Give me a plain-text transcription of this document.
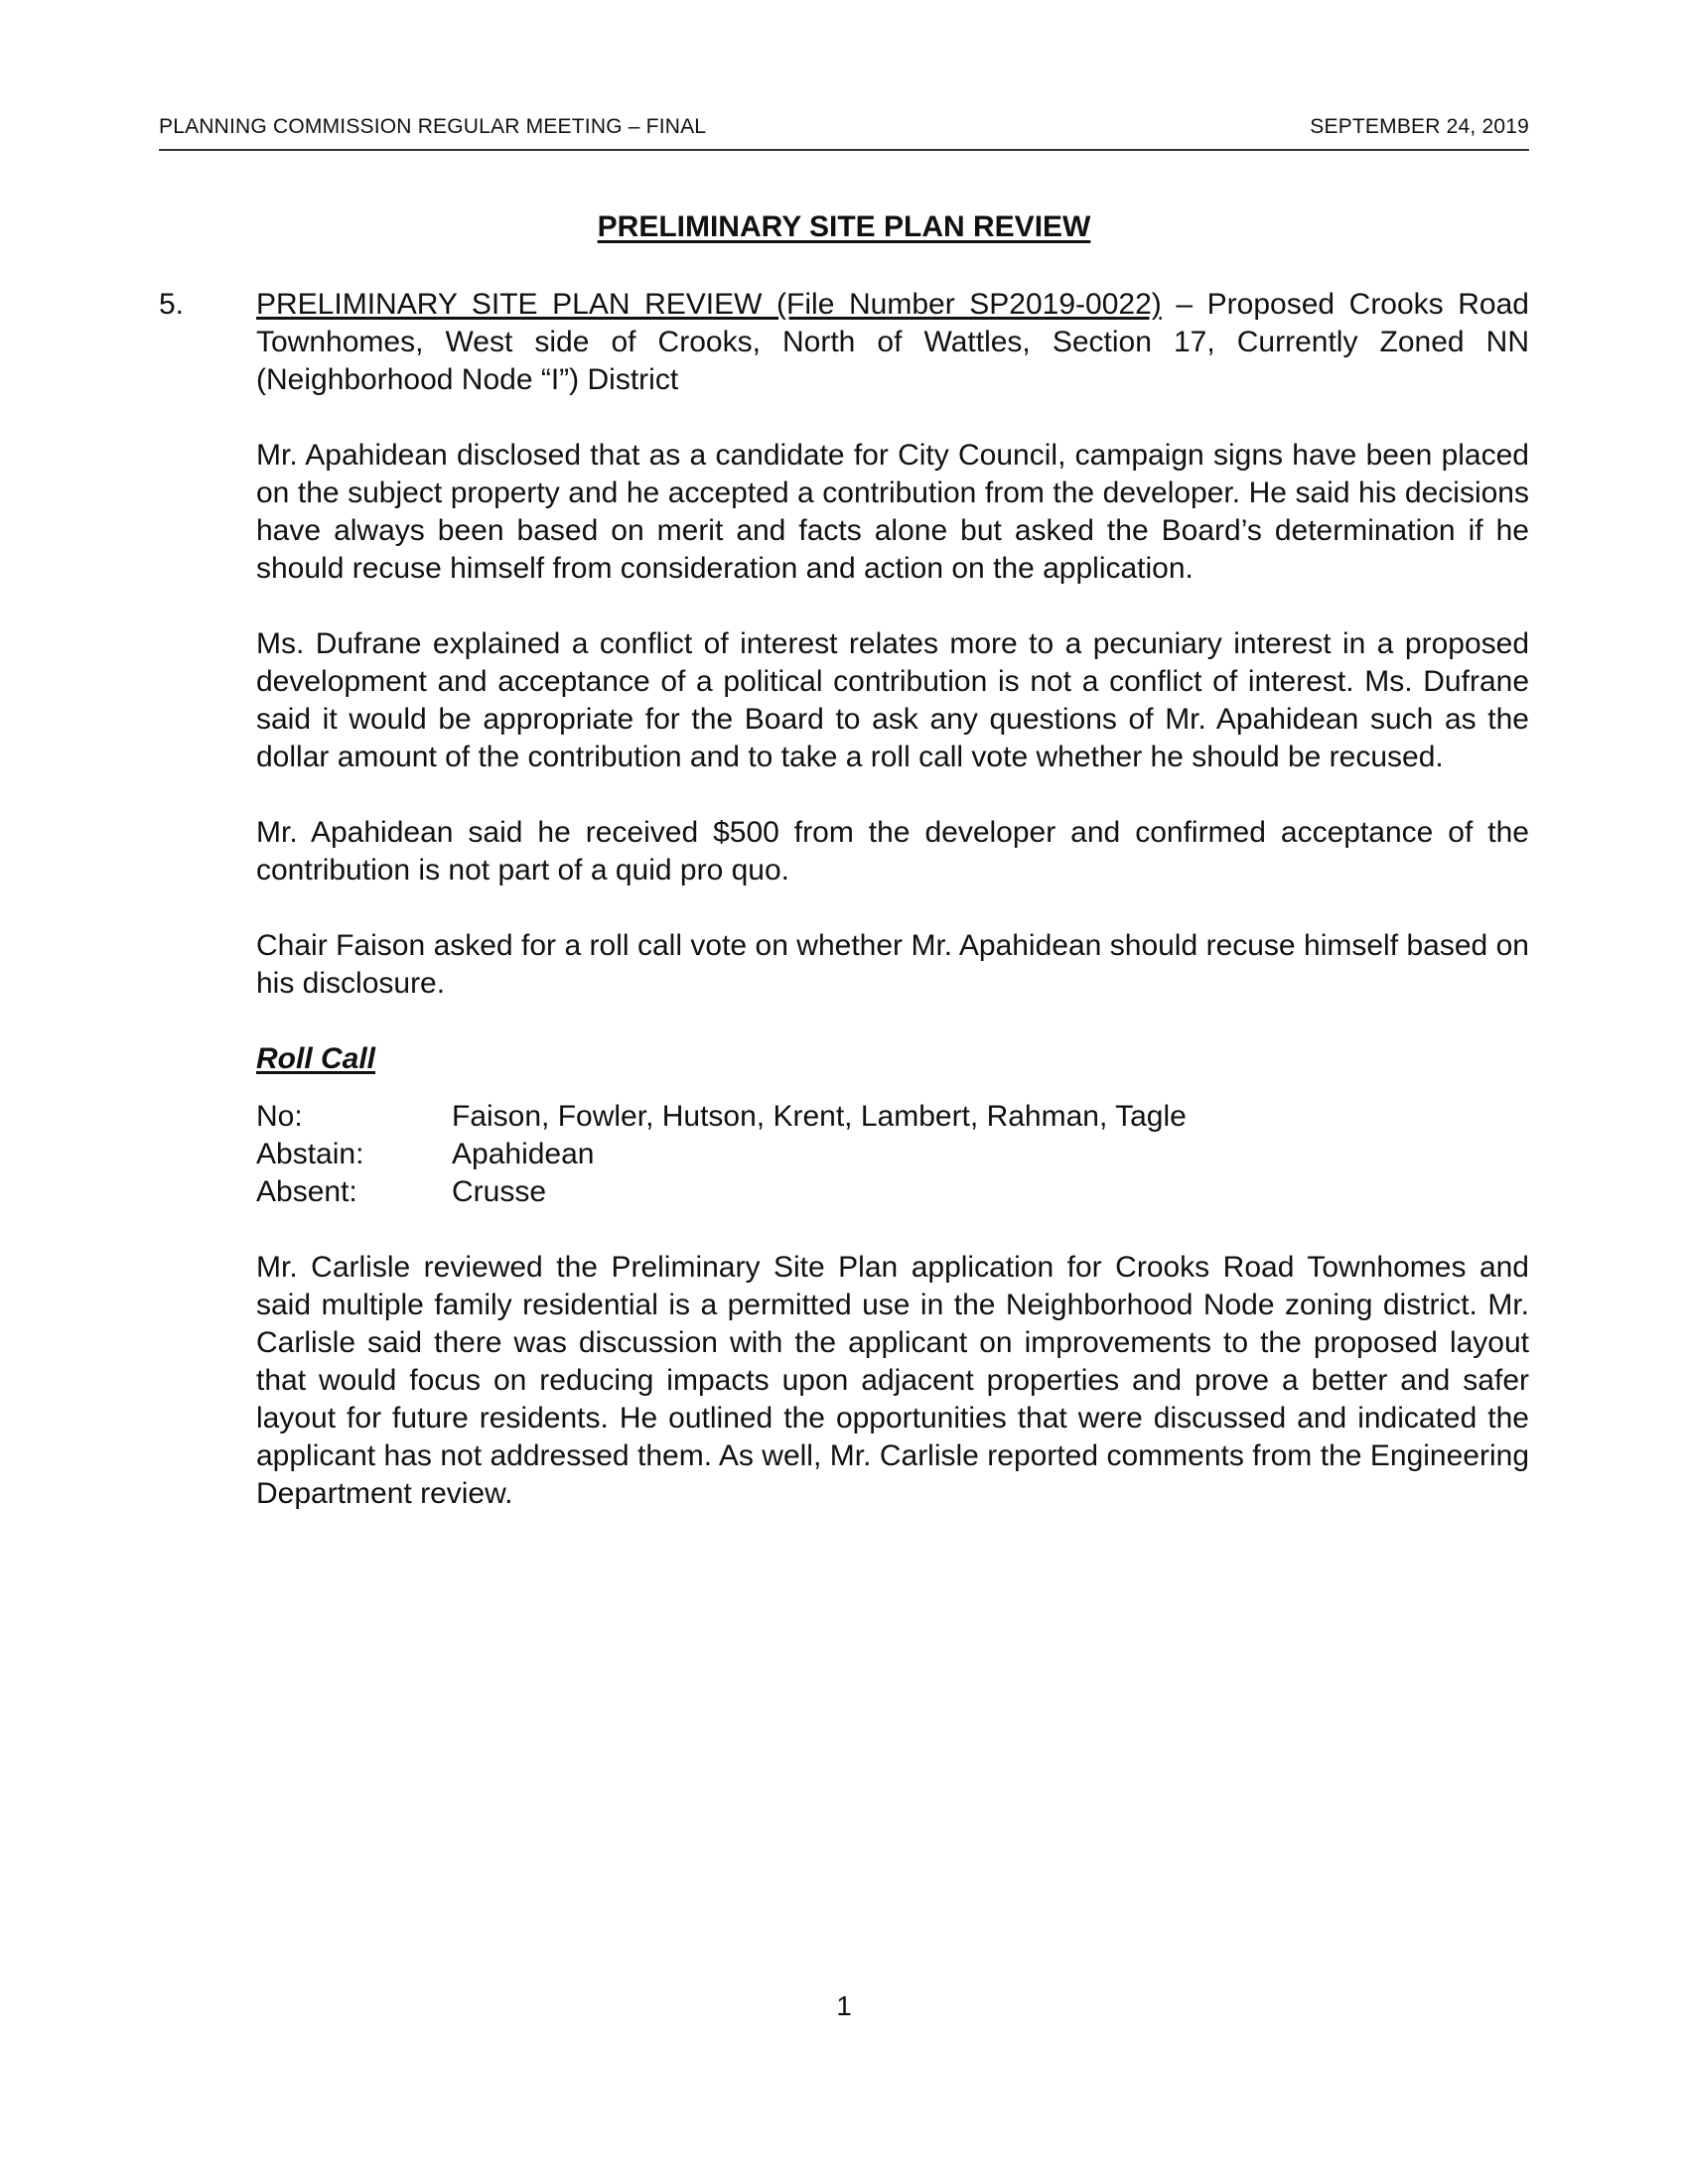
PLANNING COMMISSION REGULAR MEETING – FINAL	SEPTEMBER 24, 2019
PRELIMINARY SITE PLAN REVIEW
5. PRELIMINARY SITE PLAN REVIEW (File Number SP2019-0022) – Proposed Crooks Road Townhomes, West side of Crooks, North of Wattles, Section 17, Currently Zoned NN (Neighborhood Node “I”) District

Mr. Apahidean disclosed that as a candidate for City Council, campaign signs have been placed on the subject property and he accepted a contribution from the developer. He said his decisions have always been based on merit and facts alone but asked the Board’s determination if he should recuse himself from consideration and action on the application.

Ms. Dufrane explained a conflict of interest relates more to a pecuniary interest in a proposed development and acceptance of a political contribution is not a conflict of interest. Ms. Dufrane said it would be appropriate for the Board to ask any questions of Mr. Apahidean such as the dollar amount of the contribution and to take a roll call vote whether he should be recused.

Mr. Apahidean said he received $500 from the developer and confirmed acceptance of the contribution is not part of a quid pro quo.

Chair Faison asked for a roll call vote on whether Mr. Apahidean should recuse himself based on his disclosure.

Roll Call
No:	Faison, Fowler, Hutson, Krent, Lambert, Rahman, Tagle
Abstain:	Apahidean
Absent:	Crusse

Mr. Carlisle reviewed the Preliminary Site Plan application for Crooks Road Townhomes and said multiple family residential is a permitted use in the Neighborhood Node zoning district. Mr. Carlisle said there was discussion with the applicant on improvements to the proposed layout that would focus on reducing impacts upon adjacent properties and prove a better and safer layout for future residents. He outlined the opportunities that were discussed and indicated the applicant has not addressed them. As well, Mr. Carlisle reported comments from the Engineering Department review.

1
